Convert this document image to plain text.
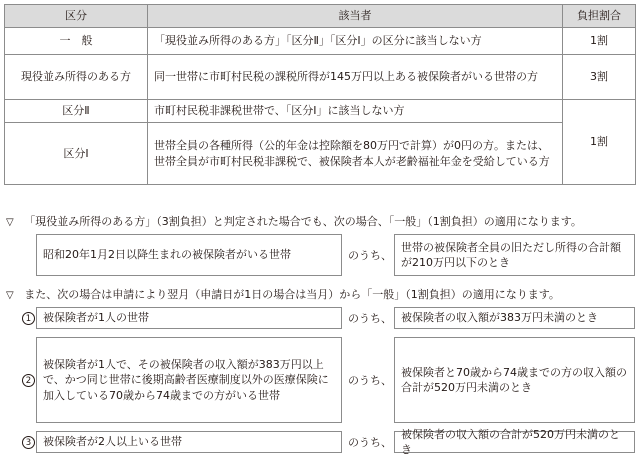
区分	該当者	負担割合
一　般	「現役並み所得のある方」「区分Ⅱ」「区分Ⅰ」の区分に該当しない方	1割
現役並み所得のある方	同一世帯に市町村民税の課税所得が145万円以上ある被保険者がいる世帯の方	3割
区分Ⅱ	市町村民税非課税世帯で、「区分Ⅰ」に該当しない方	1割
区分Ⅰ	世帯全員の各種所得（公的年金は控除額を80万円で計算）が0円の方。または、世帯全員が市町村民税非課税で、被保険者本人が老齢福祉年金を受給している方	
▽ 「現役並み所得のある方」（3割負担）と判定された場合でも、次の場合、「一般」（1割負担）の適用になります。
昭和20年1月2日以降生まれの被保険者がいる世帯	のうち、
世帯の被保険者全員の旧ただし所得の合計額が210万円以下のとき
▽ また、次の場合は申請により翌月（申請日が1日の場合は当月）から「一般」（1割負担）の適用になります。
1	被保険者が1人の世帯	のうち、 被保険者の収入額が383万円未満のとき
2
被保険者が1人で、その被保険者の収入額が383万円以上で、かつ同じ世帯に後期高齢者医療制度以外の医療保険に加入している70歳から74歳までの方がいる世帯
のうち、
被保険者と70歳から74歳までの方の収入額の合計が520万円未満のとき
3	被保険者が2人以上いる世帯	のうち、
被保険者の収入額の合計が520万円未満のとき
